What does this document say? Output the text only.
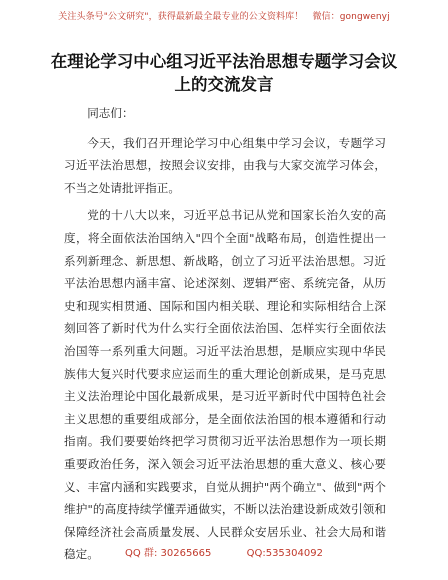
关注头条号"公文研究"，获得最新最全最专业的公文资料库！　微信：gongwenyj
在理论学习中心组习近平法治思想专题学习会议上的交流发言

同志们：

今天，我们召开理论学习中心组集中学习会议，专题学习习近平法治思想，按照会议安排，由我与大家交流学习体会，不当之处请批评指正。

党的十八大以来，习近平总书记从党和国家长治久安的高度，将全面依法治国纳入"四个全面"战略布局，创造性提出一系列新理念、新思想、新战略，创立了习近平法治思想。习近平法治思想内涵丰富、论述深刻、逻辑严密、系统完备，从历史和现实相贯通、国际和国内相关联、理论和实际相结合上深刻回答了新时代为什么实行全面依法治国、怎样实行全面依法治国等一系列重大问题。习近平法治思想，是顺应实现中华民族伟大复兴时代要求应运而生的重大理论创新成果，是马克思主义法治理论中国化最新成果，是习近平新时代中国特色社会主义思想的重要组成部分，是全面依法治国的根本遵循和行动指南。我们要要始终把学习贯彻习近平法治思想作为一项长期重要政治任务，深入领会习近平法治思想的重大意义、核心要义、丰富内涵和实践要求，自觉从拥护"两个确立"、做到"两个维护"的高度持续学懂弄通做实，不断以法治建设新成效引领和保障经济社会高质量发展、人民群众安居乐业、社会大局和谐稳定。	QQ 群: 30265665	QQ:535304092
